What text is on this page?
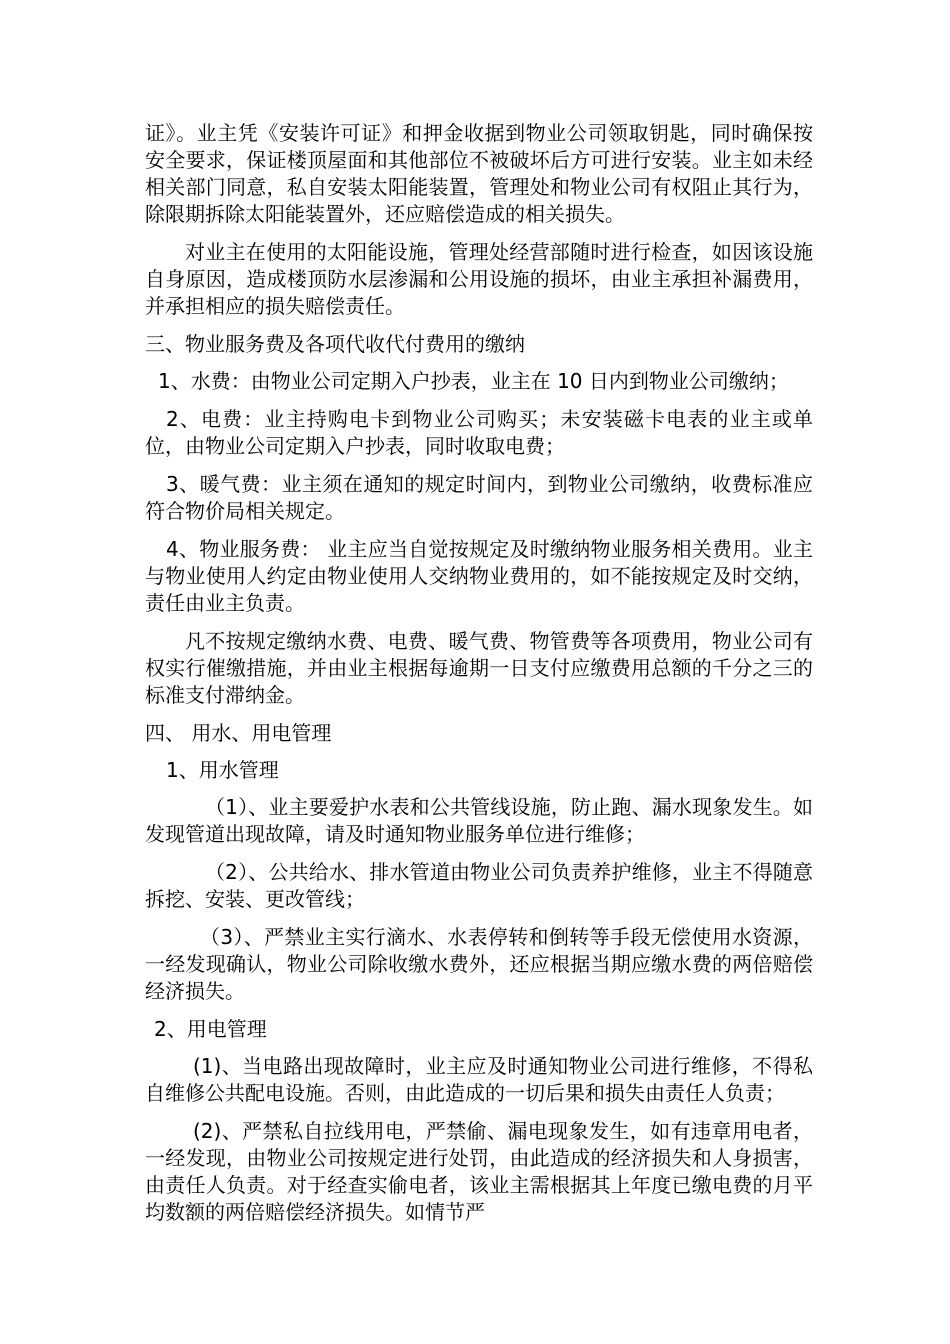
证》。业主凭《安装许可证》和押金收据到物业公司领取钥匙，同时确保按安全要求，保证楼顶屋面和其他部位不被破坏后方可进行安装。业主如未经相关部门同意，私自安装太阳能装置，管理处和物业公司有权阻止其行为，除限期拆除太阳能装置外，还应赔偿造成的相关损失。

对业主在使用的太阳能设施，管理处经营部随时进行检查，如因该设施自身原因，造成楼顶防水层渗漏和公用设施的损坏，由业主承担补漏费用，并承担相应的损失赔偿责任。

三、物业服务费及各项代收代付费用的缴纳

1、水费：由物业公司定期入户抄表，业主在 10 日内到物业公司缴纳；

2、电费：业主持购电卡到物业公司购买；未安装磁卡电表的业主或单位，由物业公司定期入户抄表，同时收取电费；

3、暖气费：业主须在通知的规定时间内，到物业公司缴纳，收费标准应符合物价局相关规定。

4、物业服务费： 业主应当自觉按规定及时缴纳物业服务相关费用。业主与物业使用人约定由物业使用人交纳物业费用的，如不能按规定及时交纳，责任由业主负责。

凡不按规定缴纳水费、电费、暖气费、物管费等各项费用，物业公司有权实行催缴措施，并由业主根据每逾期一日支付应缴费用总额的千分之三的标准支付滞纳金。

四、 用水、用电管理

1、用水管理

（1）、业主要爱护水表和公共管线设施，防止跑、漏水现象发生。如发现管道出现故障，请及时通知物业服务单位进行维修；

（2）、公共给水、排水管道由物业公司负责养护维修，业主不得随意拆挖、安装、更改管线；

（3）、严禁业主实行滴水、水表停转和倒转等手段无偿使用水资源，一经发现确认，物业公司除收缴水费外，还应根据当期应缴水费的两倍赔偿经济损失。

2、用电管理

(1)、当电路出现故障时，业主应及时通知物业公司进行维修，不得私自维修公共配电设施。否则，由此造成的一切后果和损失由责任人负责；

(2)、严禁私自拉线用电，严禁偷、漏电现象发生，如有违章用电者，一经发现，由物业公司按规定进行处罚，由此造成的经济损失和人身损害，由责任人负责。对于经查实偷电者，该业主需根据其上年度已缴电费的月平均数额的两倍赔偿经济损失。如情节严
